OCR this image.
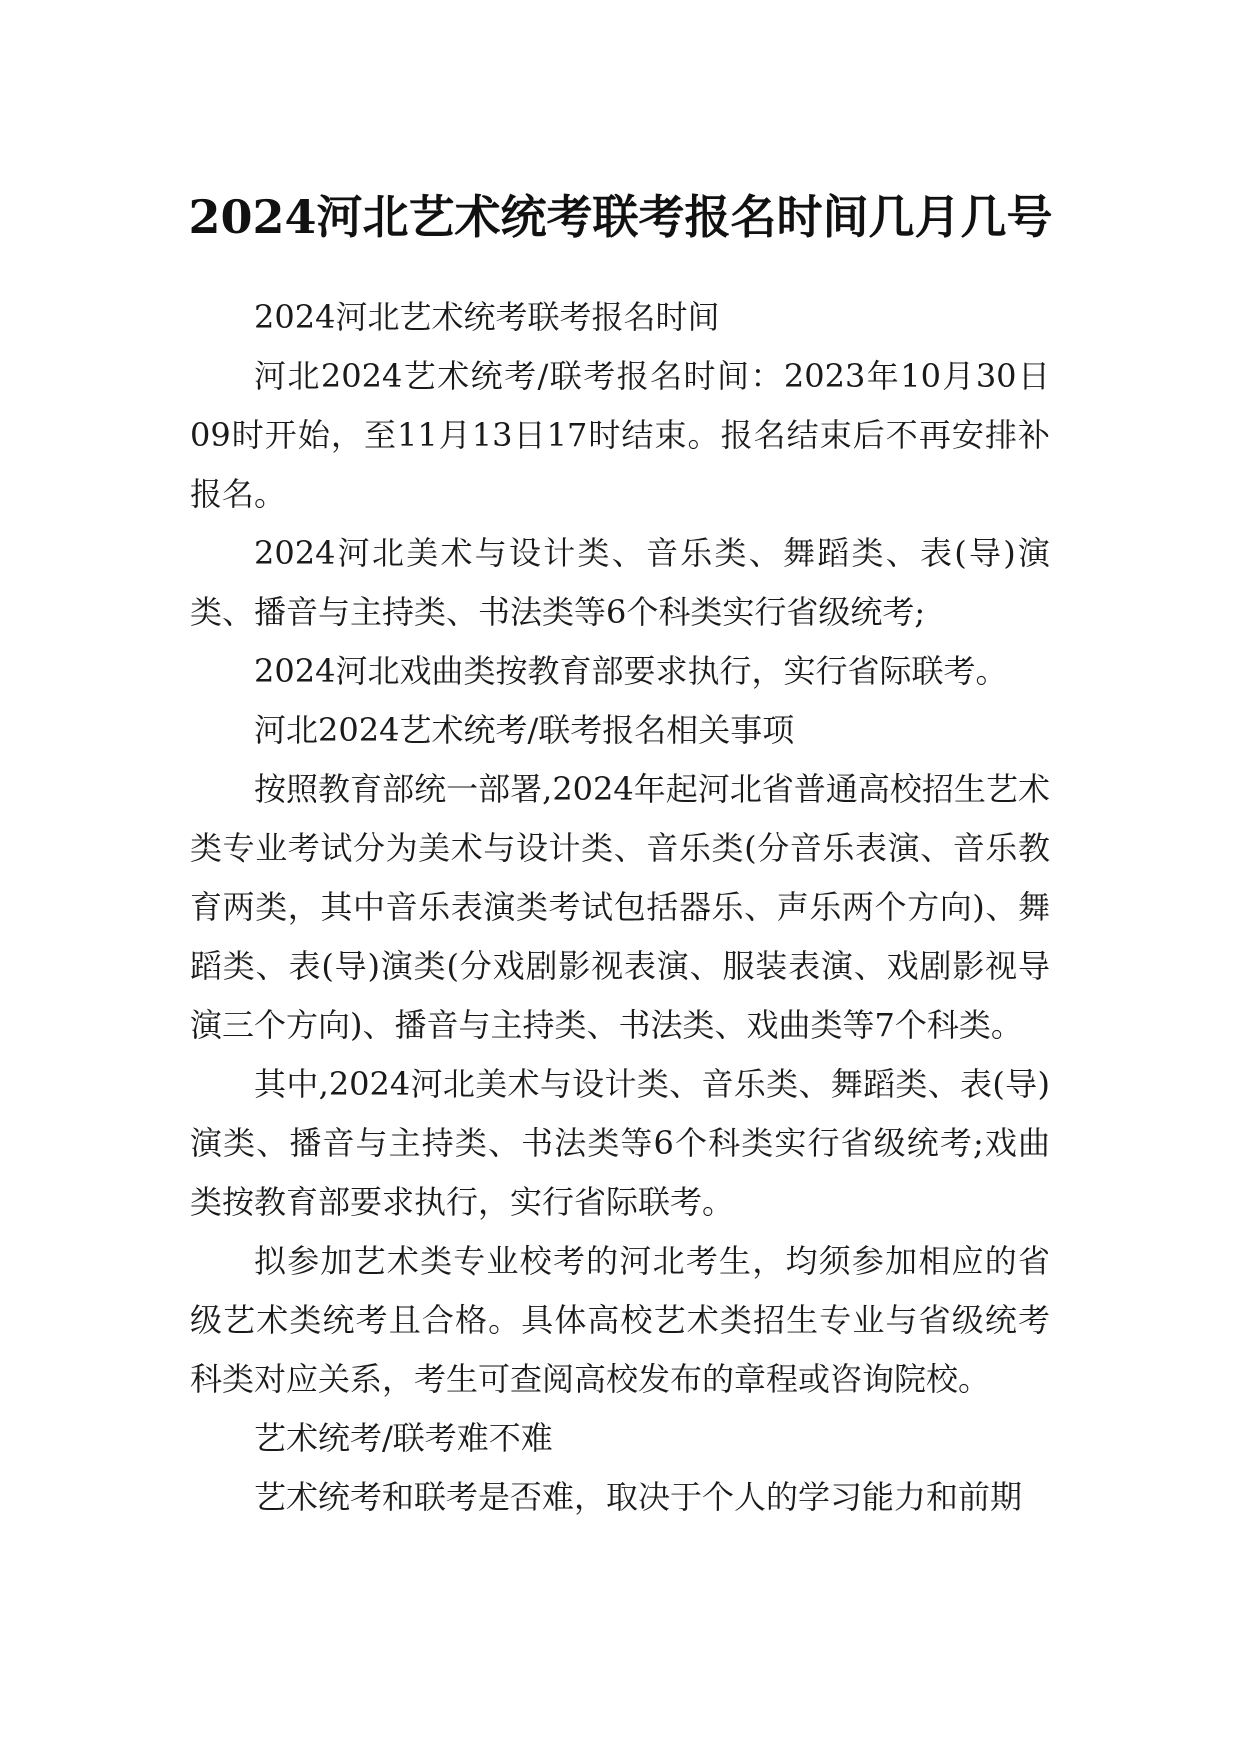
2024河北艺术统考联考报名时间几月几号

2024河北艺术统考联考报名时间

河北2024艺术统考/联考报名时间：2023年10月30日09时开始，至11月13日17时结束。报名结束后不再安排补报名。

2024河北美术与设计类、音乐类、舞蹈类、表(导)演类、播音与主持类、书法类等6个科类实行省级统考;

2024河北戏曲类按教育部要求执行，实行省际联考。

河北2024艺术统考/联考报名相关事项

按照教育部统一部署,2024年起河北省普通高校招生艺术类专业考试分为美术与设计类、音乐类(分音乐表演、音乐教育两类，其中音乐表演类考试包括器乐、声乐两个方向)、舞蹈类、表(导)演类(分戏剧影视表演、服装表演、戏剧影视导演三个方向)、播音与主持类、书法类、戏曲类等7个科类。

其中,2024河北美术与设计类、音乐类、舞蹈类、表(导)演类、播音与主持类、书法类等6个科类实行省级统考;戏曲类按教育部要求执行，实行省际联考。

拟参加艺术类专业校考的河北考生，均须参加相应的省级艺术类统考且合格。具体高校艺术类招生专业与省级统考科类对应关系，考生可查阅高校发布的章程或咨询院校。

艺术统考/联考难不难

艺术统考和联考是否难，取决于个人的学习能力和前期
